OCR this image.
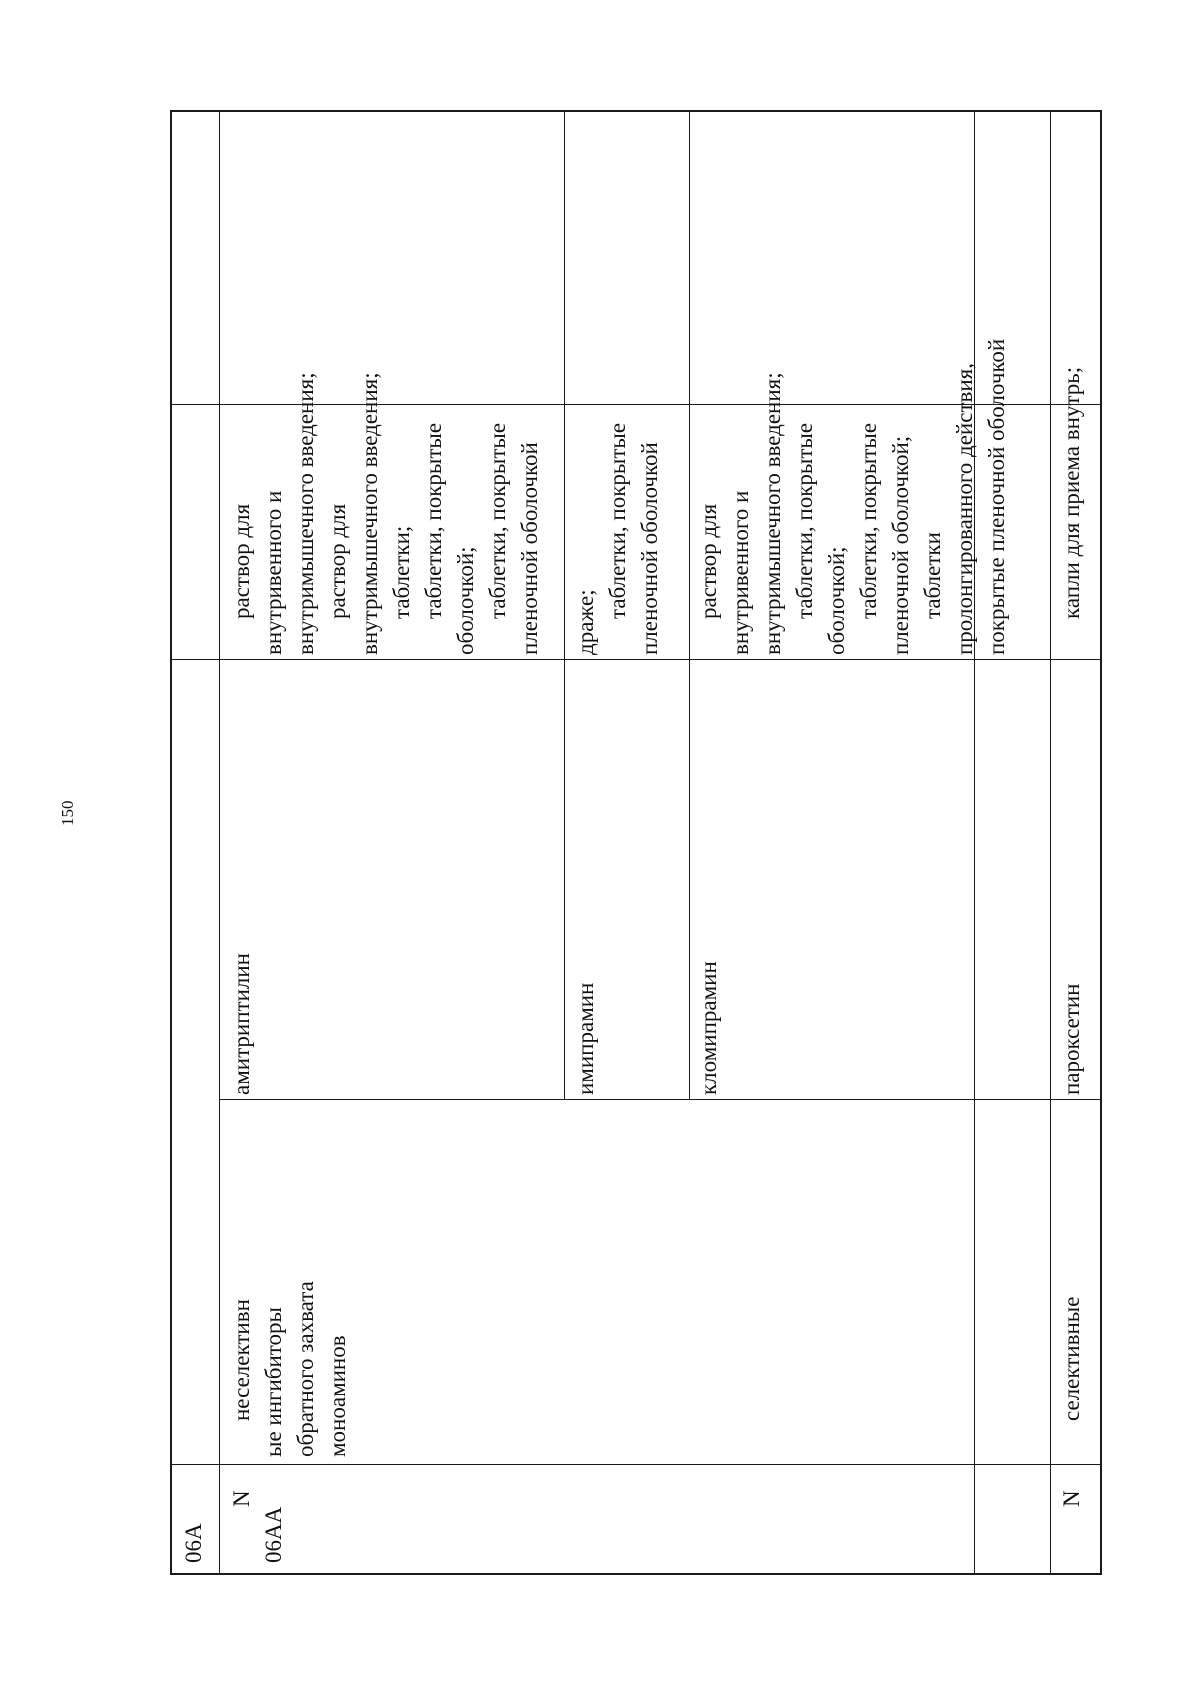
150
06A
N
06AA
неселективн ые ингибиторы обратного захвата моноаминов
амитриптилин
раствор для внутривенного и внутримышечного введения; раствор для внутримышечного введения; таблетки; таблетки, покрытые оболочкой; таблетки, покрытые пленочной оболочкой
имипрамин
драже;
таблетки, покрытые пленочной оболочкой
кломипрамин
раствор для внутривенного и внутримышечного введения; таблетки, покрытые оболочкой; таблетки, покрытые пленочной оболочкой; таблетки пролонгированного действия, покрытые пленочной оболочкой
N
селективные
пароксетин
капли для приема внутрь;
